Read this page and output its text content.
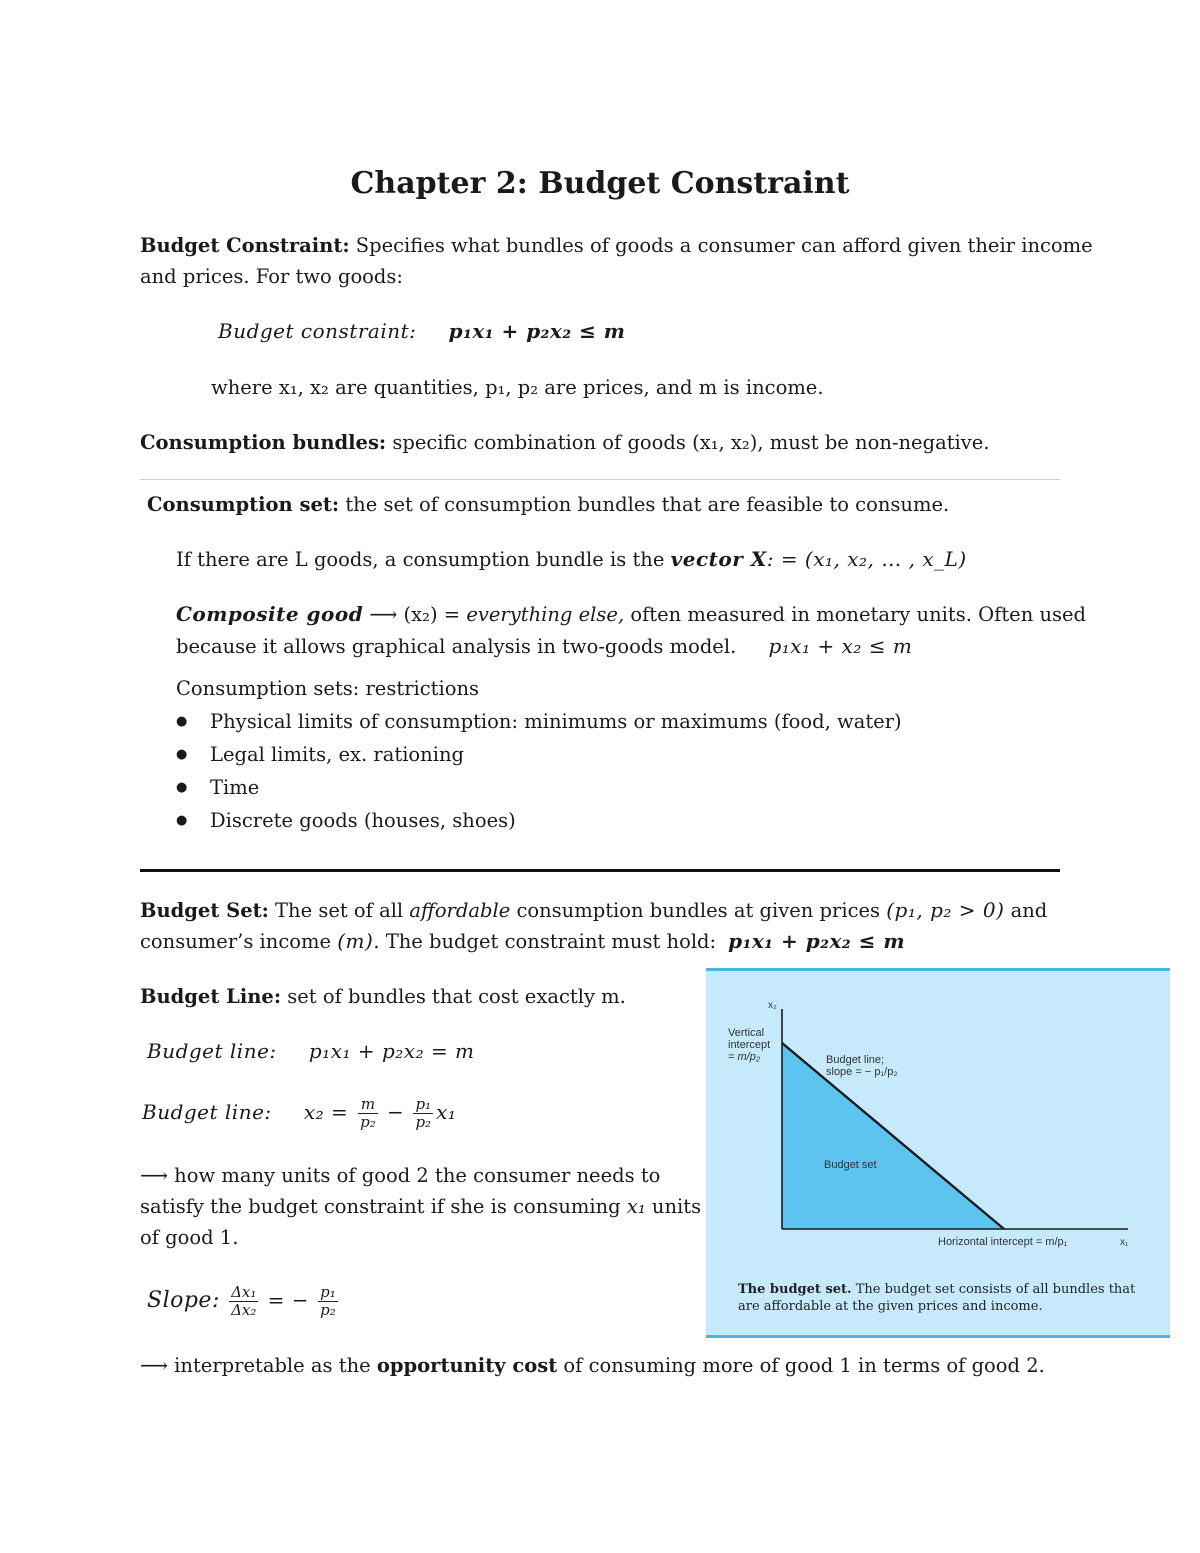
Chapter 2: Budget Constraint
Budget Constraint: Specifies what bundles of goods a consumer can afford given their income
and prices. For two goods:
Budget constraint: p₁x₁ + p₂x₂ ≤ m
where x₁, x₂ are quantities, p₁, p₂ are prices, and m is income.
Consumption bundles: specific combination of goods (x₁, x₂), must be non-negative.
Consumption set: the set of consumption bundles that are feasible to consume.
If there are L goods, a consumption bundle is the vector X: = (x₁, x₂, … , x_L)
Composite good ⟶ (x₂) = everything else, often measured in monetary units. Often used
because it allows graphical analysis in two-goods model. p₁x₁ + x₂ ≤ m
Consumption sets: restrictions
● Physical limits of consumption: minimums or maximums (food, water)
● Legal limits, ex. rationing
● Time
● Discrete goods (houses, shoes)
Budget Set: The set of all affordable consumption bundles at given prices (p₁, p₂ > 0) and
consumer’s income (m). The budget constraint must hold: p₁x₁ + p₂x₂ ≤ m
Budget Line: set of bundles that cost exactly m.
Budget line: p₁x₁ + p₂x₂ = m
Budget line: $x_2 = \frac{m}{\text{p₂}} - \frac{\text{p₁}}{\text{p₂}} x_1$
⟶ how many units of good 2 the consumer needs to
satisfy the budget constraint if she is consuming x₁ units
of good 1.
Slope: $\frac{\text{Δx₁}}{\text{Δx₂}}$ = − $\frac{\text{p₁}}{\text{p₂}}$
⟶ interpretable as the opportunity cost of consuming more of good 1 in terms of good 2.
x₂
x₁
Vertical
intercept
= m/p₂	Budget line;
slope = − p₁/p₂
Budget set
Horizontal intercept = m/p₁
The budget set. The budget set consists of all bundles that
are affordable at the given prices and income.
